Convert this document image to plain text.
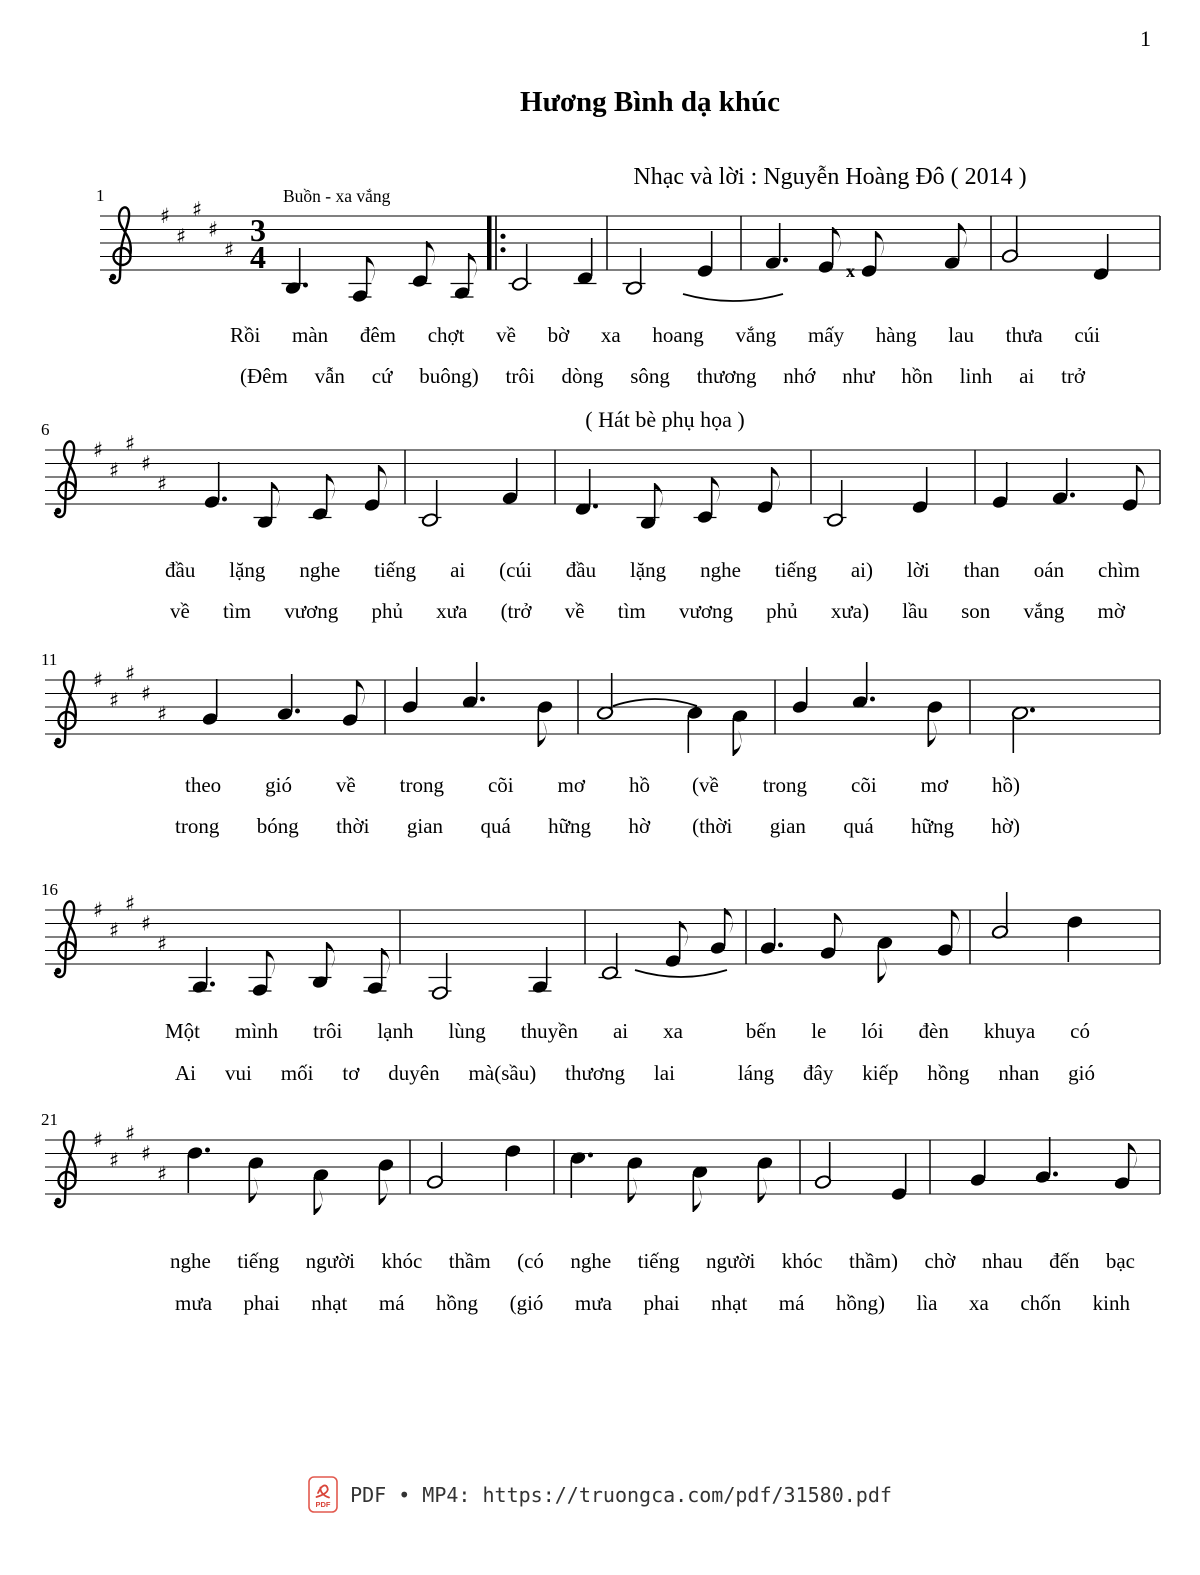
1
Hương Bình dạ khúc
Nhạc và lời : Nguyễn Hoàng Đô ( 2014 )
Buồn - xa vắng
( Hát bè phụ họa )
1
♯
♯
♯
♯
♯
3
4	x
6
♯
♯
♯
♯
♯
11
♯
♯
♯
♯
♯
16
♯
♯
♯
♯
♯
21
♯
♯
♯
♯
♯
Rồi màn đêm chợt về bờ xa hoang vắng mấy hàng lau thưa cúi
(Đêm vẫn cứ buông) trôi dòng sông thương nhớ như hồn linh ai trở
đầu lặng nghe tiếng ai (cúi đầu lặng nghe tiếng ai) lời than oán chìm
về tìm vương phủ xưa (trở về tìm vương phủ xưa) lầu son vắng mờ
theo gió về trong cõi mơ hồ  (về trong cõi mơ hồ)
trong bóng thời gian quá hững hờ  (thời gian quá hững hờ)
Một mình trôi lạnh lùng thuyền ai xa   bến le lói đèn khuya có
Ai vui mối tơ duyên mà(sầu) thương lai   láng đây kiếp hồng nhan gió
nghe tiếng người khóc thầm (có nghe tiếng người khóc thầm) chờ nhau đến bạc
mưa phai nhạt má hồng (gió mưa phai nhạt má hồng) lìa xa chốn kinh
PDF PDF • MP4: https://truongca.com/pdf/31580.pdf
